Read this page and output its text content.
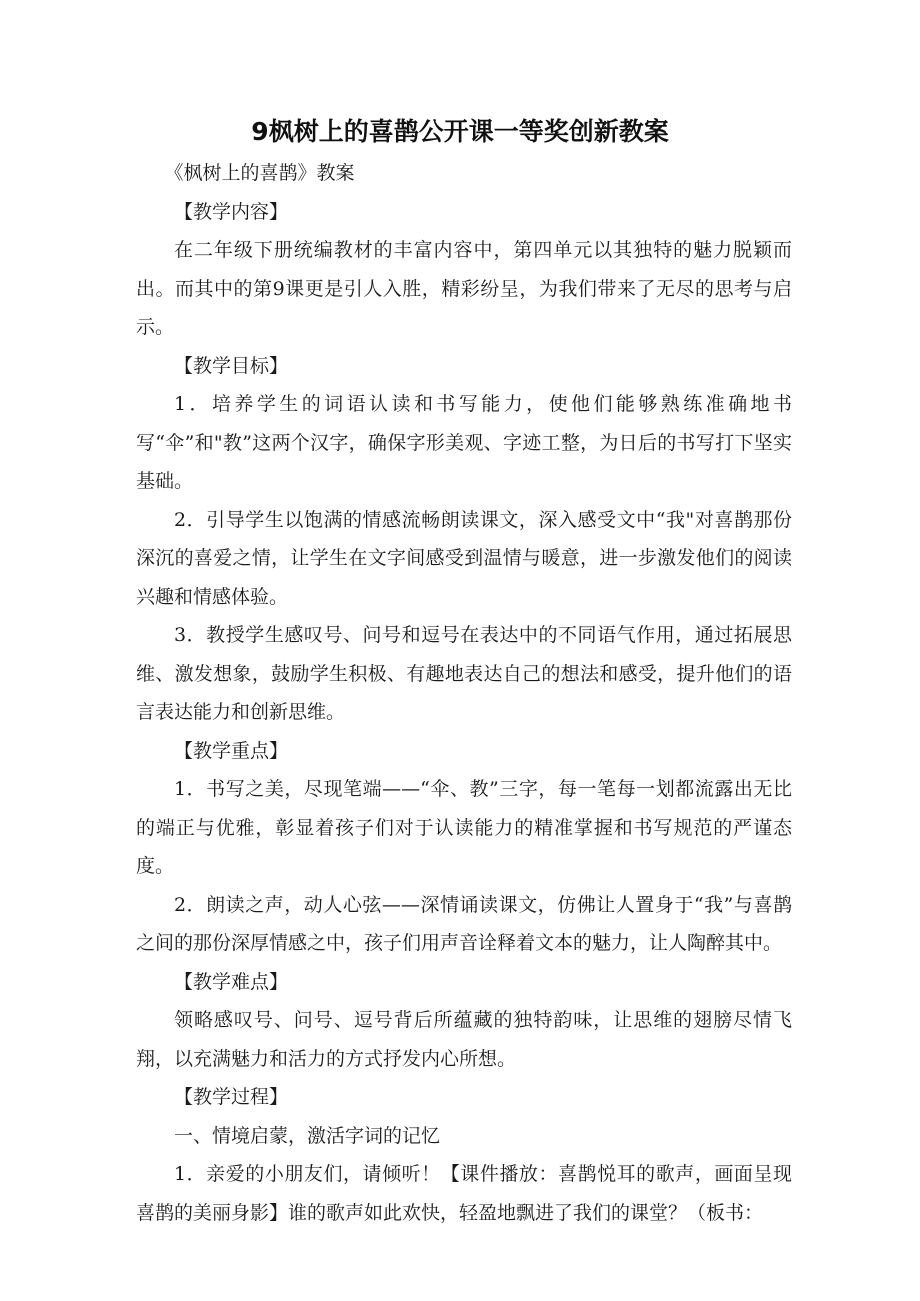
9枫树上的喜鹊公开课一等奖创新教案

《枫树上的喜鹊》教案

【教学内容】

在二年级下册统编教材的丰富内容中，第四单元以其独特的魅力脱颖而出。而其中的第9课更是引人入胜，精彩纷呈，为我们带来了无尽的思考与启示。

【教学目标】

1．培养学生的词语认读和书写能力，使他们能够熟练准确地书写“伞”和"教”这两个汉字，确保字形美观、字迹工整，为日后的书写打下坚实基础。

2．引导学生以饱满的情感流畅朗读课文，深入感受文中“我"对喜鹊那份深沉的喜爱之情，让学生在文字间感受到温情与暖意，进一步激发他们的阅读兴趣和情感体验。

3．教授学生感叹号、问号和逗号在表达中的不同语气作用，通过拓展思维、激发想象，鼓励学生积极、有趣地表达自己的想法和感受，提升他们的语言表达能力和创新思维。

【教学重点】

1．书写之美，尽现笔端——“伞、教”三字，每一笔每一划都流露出无比的端正与优雅，彰显着孩子们对于认读能力的精准掌握和书写规范的严谨态度。

2．朗读之声，动人心弦——深情诵读课文，仿佛让人置身于“我”与喜鹊之间的那份深厚情感之中，孩子们用声音诠释着文本的魅力，让人陶醉其中。

【教学难点】

领略感叹号、问号、逗号背后所蕴藏的独特韵味，让思维的翅膀尽情飞翔，以充满魅力和活力的方式抒发内心所想。

【教学过程】

一、情境启蒙，激活字词的记忆

1．亲爱的小朋友们，请倾听！【课件播放：喜鹊悦耳的歌声，画面呈现喜鹊的美丽身影】谁的歌声如此欢快，轻盈地飘进了我们的课堂？（板书：
